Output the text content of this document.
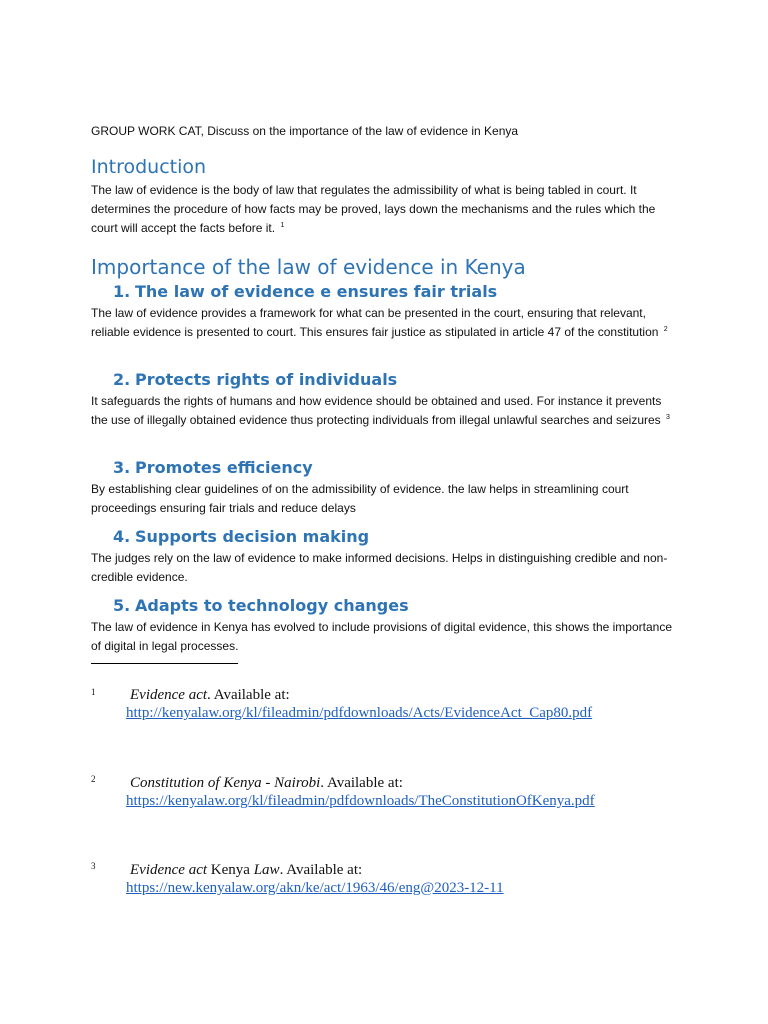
GROUP WORK CAT, Discuss on the importance of the law of evidence in Kenya
Introduction

The law of evidence is the body of law that regulates the admissibility of what is being tabled in court. It determines the procedure of how facts may be proved, lays down the mechanisms and the rules which the court will accept the facts before it. $^1$

Importance of the law of evidence in Kenya
1. The law of evidence e ensures fair trials

The law of evidence provides a framework for what can be presented in the court, ensuring that relevant, reliable evidence is presented to court. This ensures fair justice as stipulated in article 47 of the constitution $^2$

2. Protects rights of individuals

It safeguards the rights of humans and how evidence should be obtained and used. For instance it prevents the use of illegally obtained evidence thus protecting individuals from illegal unlawful searches and seizures $^3$

3. Promotes efficiency

By establishing clear guidelines of on the admissibility of evidence. the law helps in streamlining court proceedings ensuring fair trials and reduce delays

4. Supports decision making

The judges rely on the law of evidence to make informed decisions. Helps in distinguishing credible and non-credible evidence.

5. Adapts to technology changes

The law of evidence in Kenya has evolved to include provisions of digital evidence, this shows the importance of digital in legal processes.

1 Evidence act. Available at:
http://kenyalaw.org/kl/fileadmin/pdfdownloads/Acts/EvidenceAct_Cap80.pdf
2 Constitution of Kenya - Nairobi. Available at:
https://kenyalaw.org/kl/fileadmin/pdfdownloads/TheConstitutionOfKenya.pdf
3 Evidence act Kenya Law. Available at:
https://new.kenyalaw.org/akn/ke/act/1963/46/eng@2023-12-11
